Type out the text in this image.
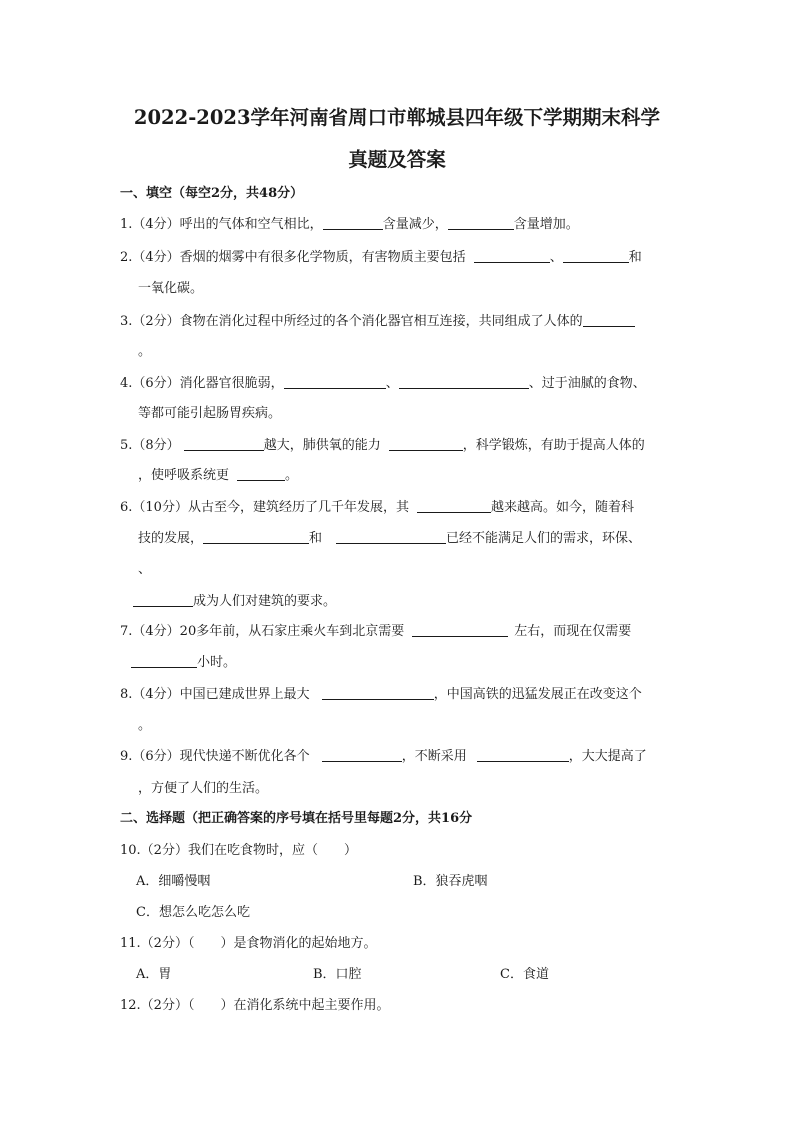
2022-2023学年河南省周口市郸城县四年级下学期期末科学
真题及答案
一、填空（每空2分，共48分）
1.（4分）呼出的气体和空气相比，	含量减少，	含量增加。
2.（4分）香烟的烟雾中有很多化学物质，有害物质主要包括	、	和
一氧化碳。
3.（2分）食物在消化过程中所经过的各个消化器官相互连接，共同组成了人体的
。
4.（6分）消化器官很脆弱，	、	、过于油腻的食物、
等都可能引起肠胃疾病。
5.（8分）	越大，肺供氧的能力	，科学锻炼，有助于提高人体的
，使呼吸系统更	。
6.（10分）从古至今，建筑经历了几千年发展，其	越来越高。如今，随着科
技的发展，	和	已经不能满足人们的需求，环保、
、
成为人们对建筑的要求。
7.（4分）20多年前，从石家庄乘火车到北京需要	左右，而现在仅需要
小时。
8.（4分）中国已建成世界上最大	，中国高铁的迅猛发展正在改变这个
。
9.（6分）现代快递不断优化各个	，不断采用	，大大提高了
，方便了人们的生活。
二、选择题（把正确答案的序号填在括号里每题2分，共16分
10.（2分）我们在吃食物时，应（　　）
A．细嚼慢咽	B．狼吞虎咽
C．想怎么吃怎么吃
11.（2分）（　　）是食物消化的起始地方。
A．胃	B．口腔	C．食道
12.（2分）（　　）在消化系统中起主要作用。
